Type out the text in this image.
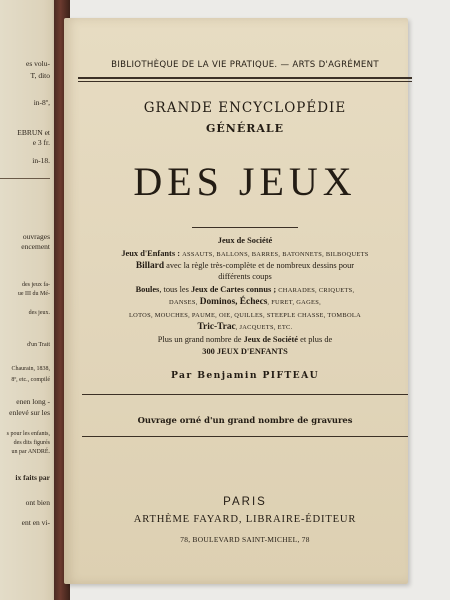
es volu-
T, dito
in-8º,
EBRUN et
e 3 fr.
in-18.
ouvrages
encement
des jeux fa-
ue III du Mé-
des jeux.
d'un Trait
Chaurain, 1838,
8º, etc., compilé
enen long -
enlevé sur les
s pour les enfants,
des dits figurés
un par ANDRÉ.
ix faits par
ont bien
ent en vi-
BIBLIOTHÈQUE DE LA VIE PRATIQUE. — ARTS D'AGRÉMENT
GRANDE ENCYCLOPÉDIE
GÉNÉRALE
DES JEUX
Jeux de Société
Jeux d'Enfants : ASSAUTS, BALLONS, BARRES, BATONNETS, BILBOQUETS
Billard avec la règle très-complète et de nombreux dessins pour
différents coups
Boules, tous les Jeux de Cartes connus ; CHARADES, CRIQUETS,
DANSES, Dominos, Échecs, FURET, GAGES,
LOTOS, MOUCHES, PAUME, OIE, QUILLES, STEEPLE CHASSE, TOMBOLA
Tric-Trac, JACQUETS, ETC.
Plus un grand nombre de Jeux de Société et plus de
300 JEUX D'ENFANTS
Par Benjamin PIFTEAU
Ouvrage orné d'un grand nombre de gravures
PARIS
ARTHÈME FAYARD, LIBRAIRE-ÉDITEUR
78, BOULEVARD SAINT-MICHEL, 78
